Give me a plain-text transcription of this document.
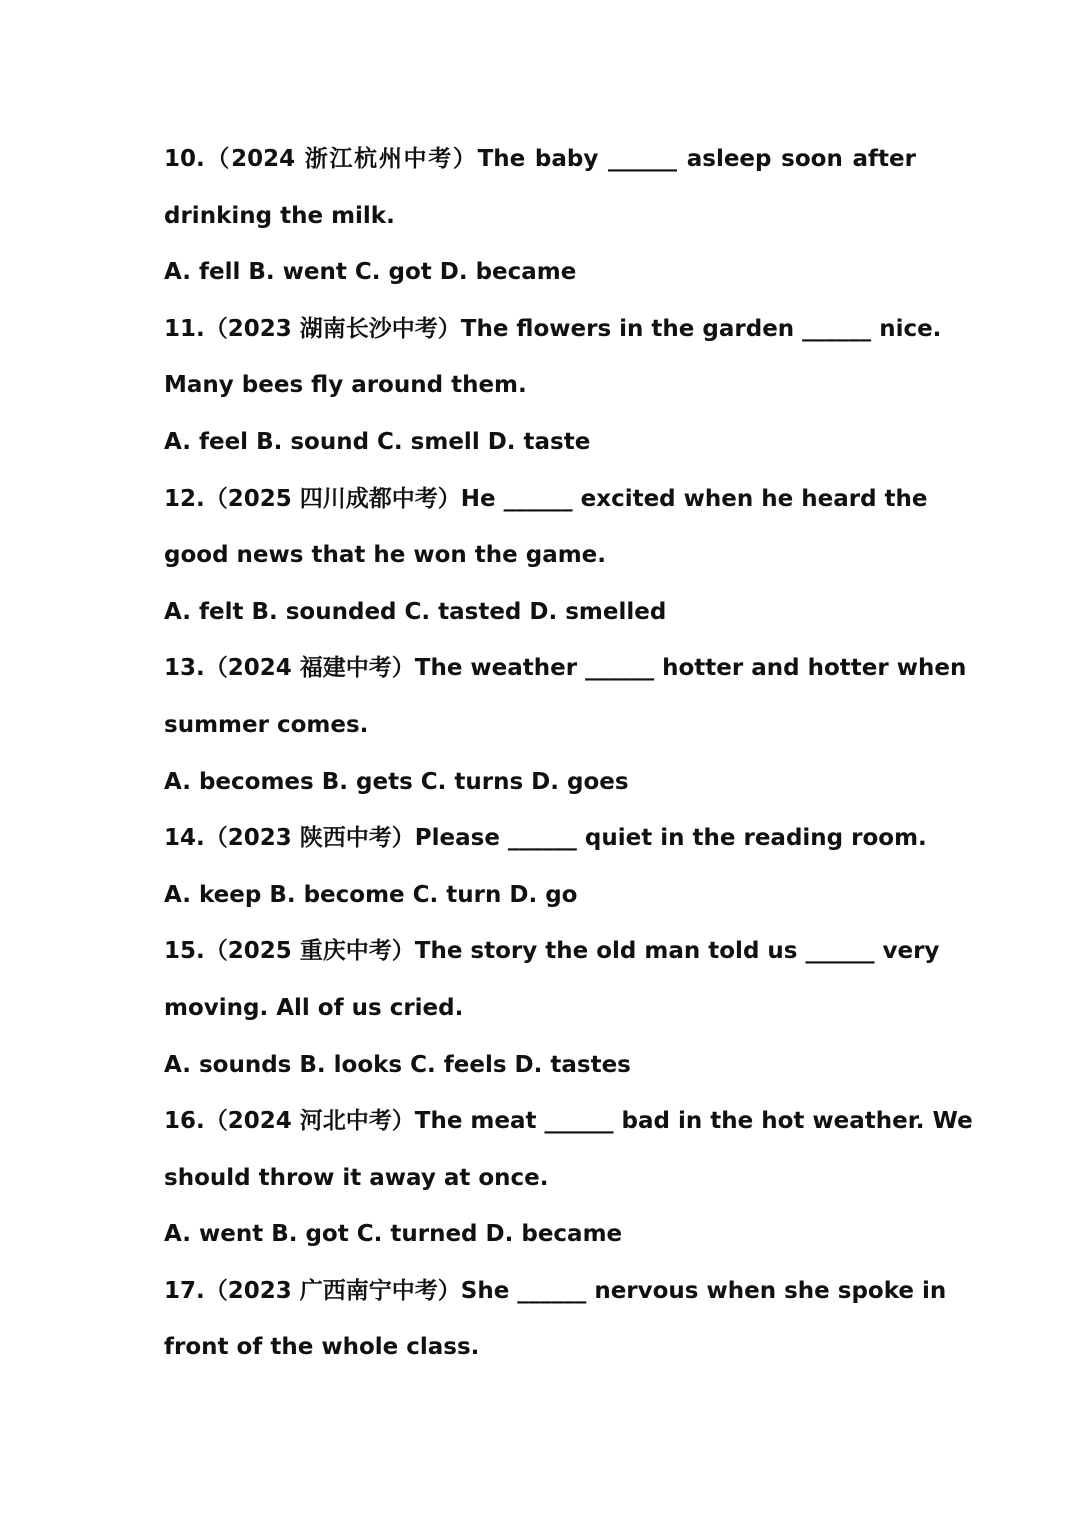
10.（2024 浙江杭州中考）The baby ______ asleep soon after
drinking the milk.
A. fell B. went C. got D. became
11.（2023 湖南长沙中考）The flowers in the garden ______ nice.
Many bees fly around them.
A. feel B. sound C. smell D. taste
12.（2025 四川成都中考）He ______ excited when he heard the
good news that he won the game.
A. felt B. sounded C. tasted D. smelled
13.（2024 福建中考）The weather ______ hotter and hotter when
summer comes.
A. becomes B. gets C. turns D. goes
14.（2023 陕西中考）Please ______ quiet in the reading room.
A. keep B. become C. turn D. go
15.（2025 重庆中考）The story the old man told us ______ very
moving. All of us cried.
A. sounds B. looks C. feels D. tastes
16.（2024 河北中考）The meat ______ bad in the hot weather. We
should throw it away at once.
A. went B. got C. turned D. became
17.（2023 广西南宁中考）She ______ nervous when she spoke in
front of the whole class.
